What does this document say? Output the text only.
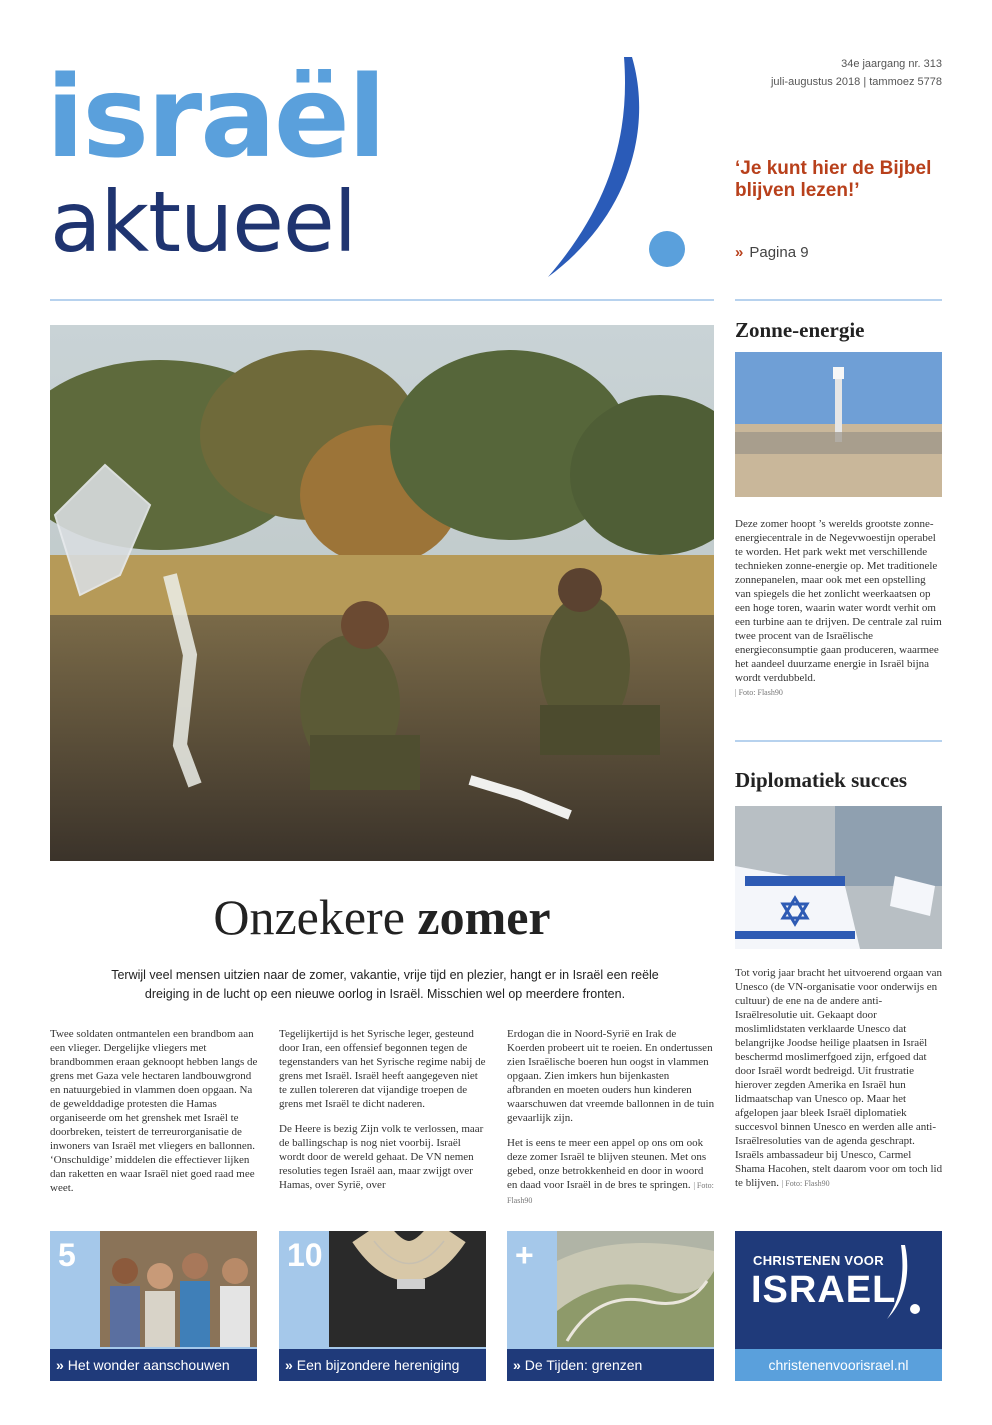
israël
aktueel
34e jaargang nr. 313
juli-augustus 2018 | tammoez 5778
‘Je kunt hier de Bijbel blijven lezen!’
» Pagina 9
Onzekere zomer
Terwijl veel mensen uitzien naar de zomer, vakantie, vrije tijd en plezier, hangt er in Israël een reële dreiging in de lucht op een nieuwe oorlog in Israël. Misschien wel op meerdere fronten.

Twee soldaten ontmantelen een brandbom aan een vlieger. Dergelijke vliegers met brandbommen eraan geknoopt hebben langs de grens met Gaza vele hectaren landbouwgrond en natuurgebied in vlammen doen opgaan. Na de gewelddadige protesten die Hamas organiseerde om het grenshek met Israël te doorbreken, teistert de terreurorganisatie de inwoners van Israël met vliegers en ballonnen. ‘Onschuldige’ middelen die effectiever lijken dan raketten en waar Israël niet goed raad mee weet.

Tegelijkertijd is het Syrische leger, gesteund door Iran, een offensief begonnen tegen de tegenstanders van het Syrische regime nabij de grens met Israël. Israël heeft aangegeven niet te zullen tolereren dat vijandige troepen de grens met Israël te dicht naderen.

De Heere is bezig Zijn volk te verlossen, maar de ballingschap is nog niet voorbij. Israël wordt door de wereld gehaat. De VN nemen resoluties tegen Israël aan, maar zwijgt over Hamas, over Syrië, over

Erdogan die in Noord-Syrië en Irak de Koerden probeert uit te roeien. En ondertussen zien Israëlische boeren hun oogst in vlammen opgaan. Zien imkers hun bijenkasten afbranden en moeten ouders hun kinderen waarschuwen dat vreemde ballonnen in de tuin gevaarlijk zijn.

Het is eens te meer een appel op ons om ook deze zomer Israël te blijven steunen. Met ons gebed, onze betrokkenheid en door in woord en daad voor Israël in de bres te springen. | Foto: Flash90

Zonne-energie
Deze zomer hoopt ’s werelds grootste zonne-energiecentrale in de Negevwoestijn operabel te worden. Het park wekt met verschillende technieken zonne-energie op. Met traditionele zonnepanelen, maar ook met een opstelling van spiegels die het zonlicht weerkaatsen op een hoge toren, waarin water wordt verhit om een turbine aan te drijven. De centrale zal ruim twee procent van de Israëlische energieconsumptie gaan produceren, waarmee het aandeel duurzame energie in Israël bijna wordt verdubbeld.
| Foto: Flash90
Diplomatiek succes
Tot vorig jaar bracht het uitvoerend orgaan van Unesco (de VN-organisatie voor onderwijs en cultuur) de ene na de andere anti-Israëlresolutie uit. Gekaapt door moslimlidstaten verklaarde Unesco dat belangrijke Joodse heilige plaatsen in Israël beschermd moslimerfgoed zijn, erfgoed dat door Israël wordt bedreigd. Uit frustratie hierover zegden Amerika en Israël hun lidmaatschap van Unesco op. Maar het afgelopen jaar bleek Israël diplomatiek succesvol binnen Unesco en werden alle anti-Israëlresoluties van de agenda geschrapt. Israëls ambassadeur bij Unesco, Carmel Shama Hacohen, stelt daarom voor om toch lid te blijven. | Foto: Flash90
5
» Het wonder aanschouwen
10
» Een bijzondere hereniging
+
» De Tijden: grenzen
CHRISTENEN VOOR
ISRAEL
christenenvoorisrael.nl
